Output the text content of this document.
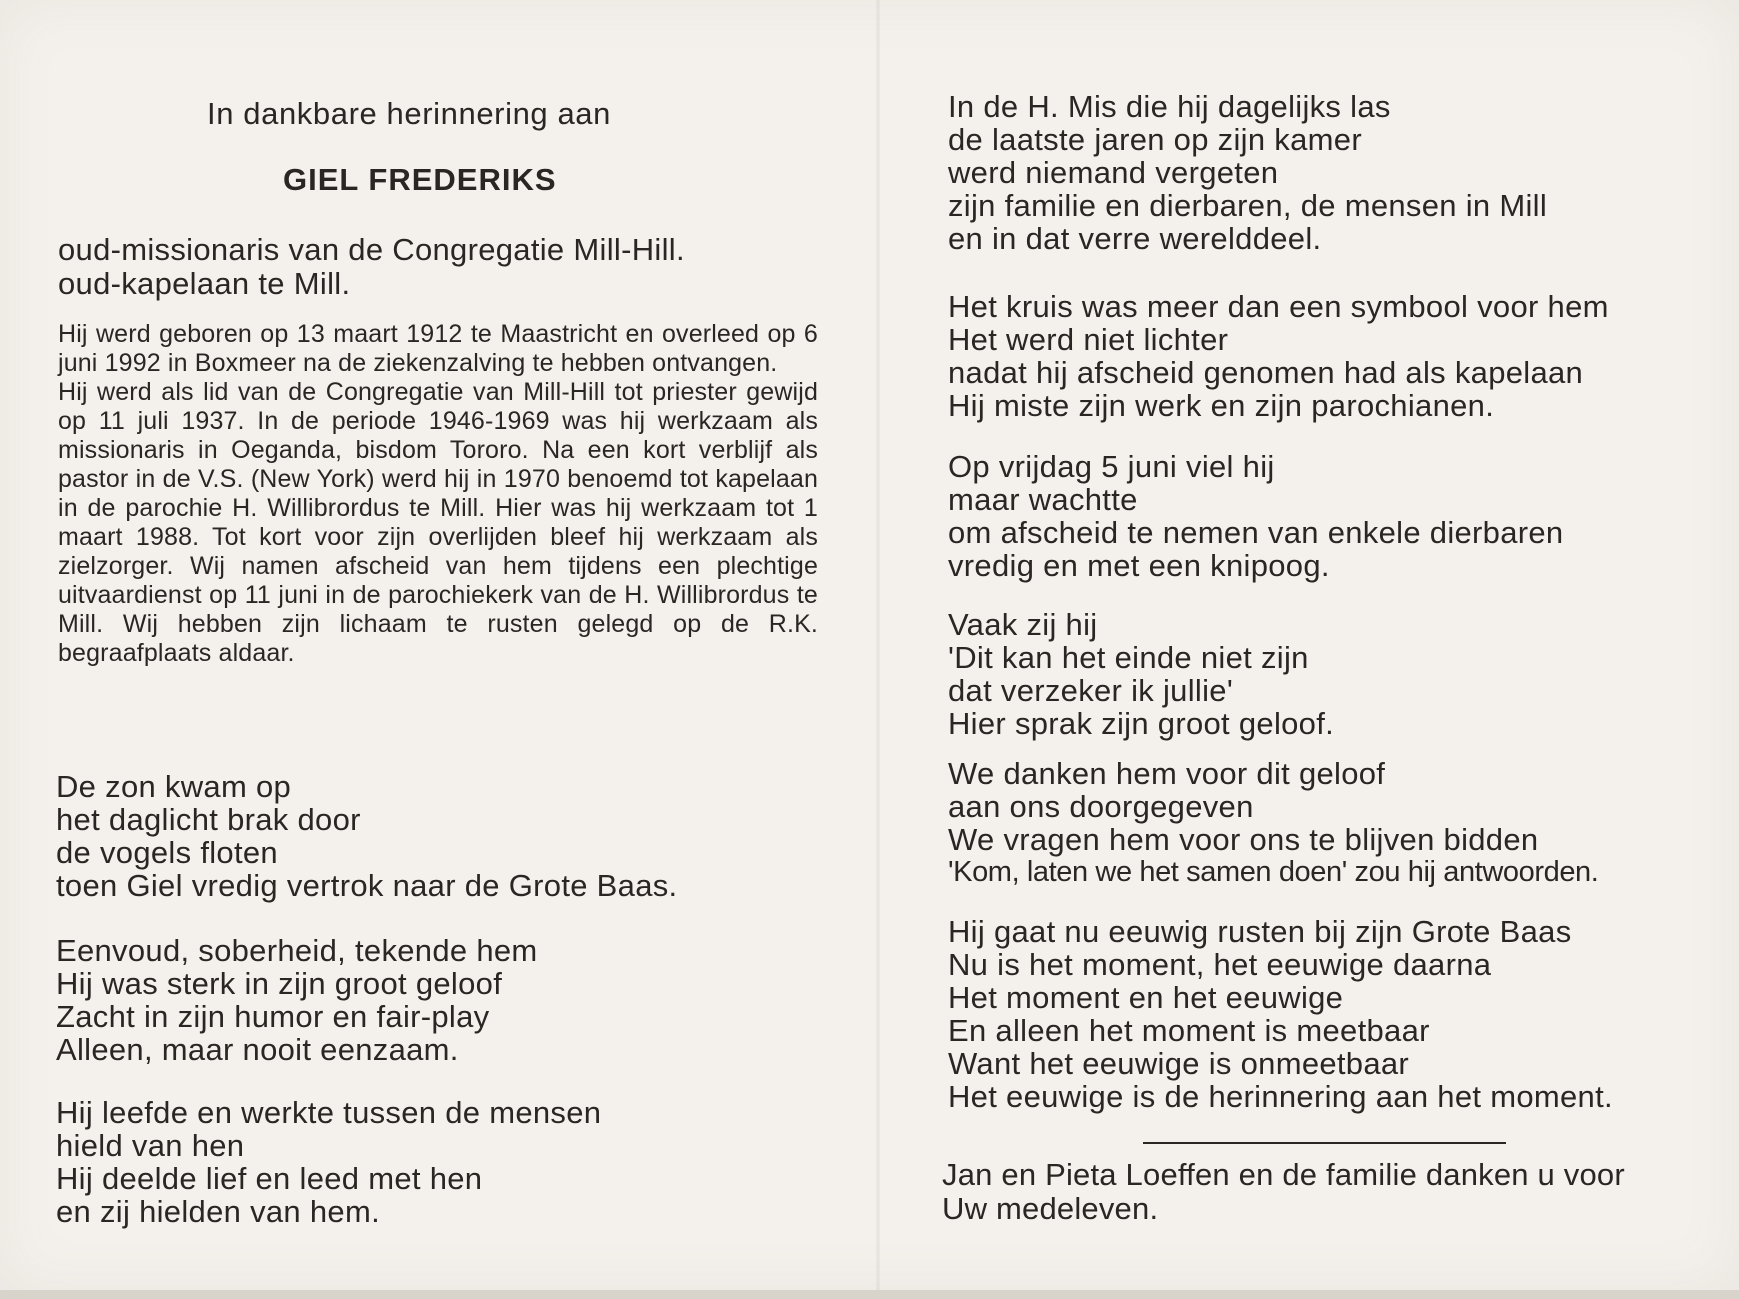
In dankbare herinnering aan
GIEL FREDERIKS
oud-missionaris van de Congregatie Mill-Hill.
oud-kapelaan te Mill.

Hij werd geboren op 13 maart 1912 te Maastricht en overleed op 6 juni 1992 in Boxmeer na de ziekenzalving te hebben ontvangen.

Hij werd als lid van de Congregatie van Mill-Hill tot priester gewijd op 11 juli 1937. In de periode 1946-1969 was hij werkzaam als missionaris in Oeganda, bisdom Tororo. Na een kort verblijf als pastor in de V.S. (New York) werd hij in 1970 benoemd tot kapelaan in de parochie H. Willibrordus te Mill. Hier was hij werkzaam tot 1 maart 1988. Tot kort voor zijn overlijden bleef hij werkzaam als zielzorger. Wij namen afscheid van hem tijdens een plechtige uitvaardienst op 11 juni in de parochiekerk van de H. Willibrordus te Mill. Wij hebben zijn lichaam te rusten gelegd op de R.K. begraafplaats aldaar.

De zon kwam op
het daglicht brak door
de vogels floten
toen Giel vredig vertrok naar de Grote Baas.
Eenvoud, soberheid, tekende hem
Hij was sterk in zijn groot geloof
Zacht in zijn humor en fair-play
Alleen, maar nooit eenzaam.
Hij leefde en werkte tussen de mensen
hield van hen
Hij deelde lief en leed met hen
en zij hielden van hem.
In de H. Mis die hij dagelijks las
de laatste jaren op zijn kamer
werd niemand vergeten
zijn familie en dierbaren, de mensen in Mill
en in dat verre werelddeel.
Het kruis was meer dan een symbool voor hem
Het werd niet lichter
nadat hij afscheid genomen had als kapelaan
Hij miste zijn werk en zijn parochianen.
Op vrijdag 5 juni viel hij
maar wachtte
om afscheid te nemen van enkele dierbaren
vredig en met een knipoog.
Vaak zij hij
'Dit kan het einde niet zijn
dat verzeker ik jullie'
Hier sprak zijn groot geloof.
We danken hem voor dit geloof
aan ons doorgegeven
We vragen hem voor ons te blijven bidden
'Kom, laten we het samen doen' zou hij antwoorden.
Hij gaat nu eeuwig rusten bij zijn Grote Baas
Nu is het moment, het eeuwige daarna
Het moment en het eeuwige
En alleen het moment is meetbaar
Want het eeuwige is onmeetbaar
Het eeuwige is de herinnering aan het moment.
Jan en Pieta Loeffen en de familie danken u voor
Uw medeleven.
